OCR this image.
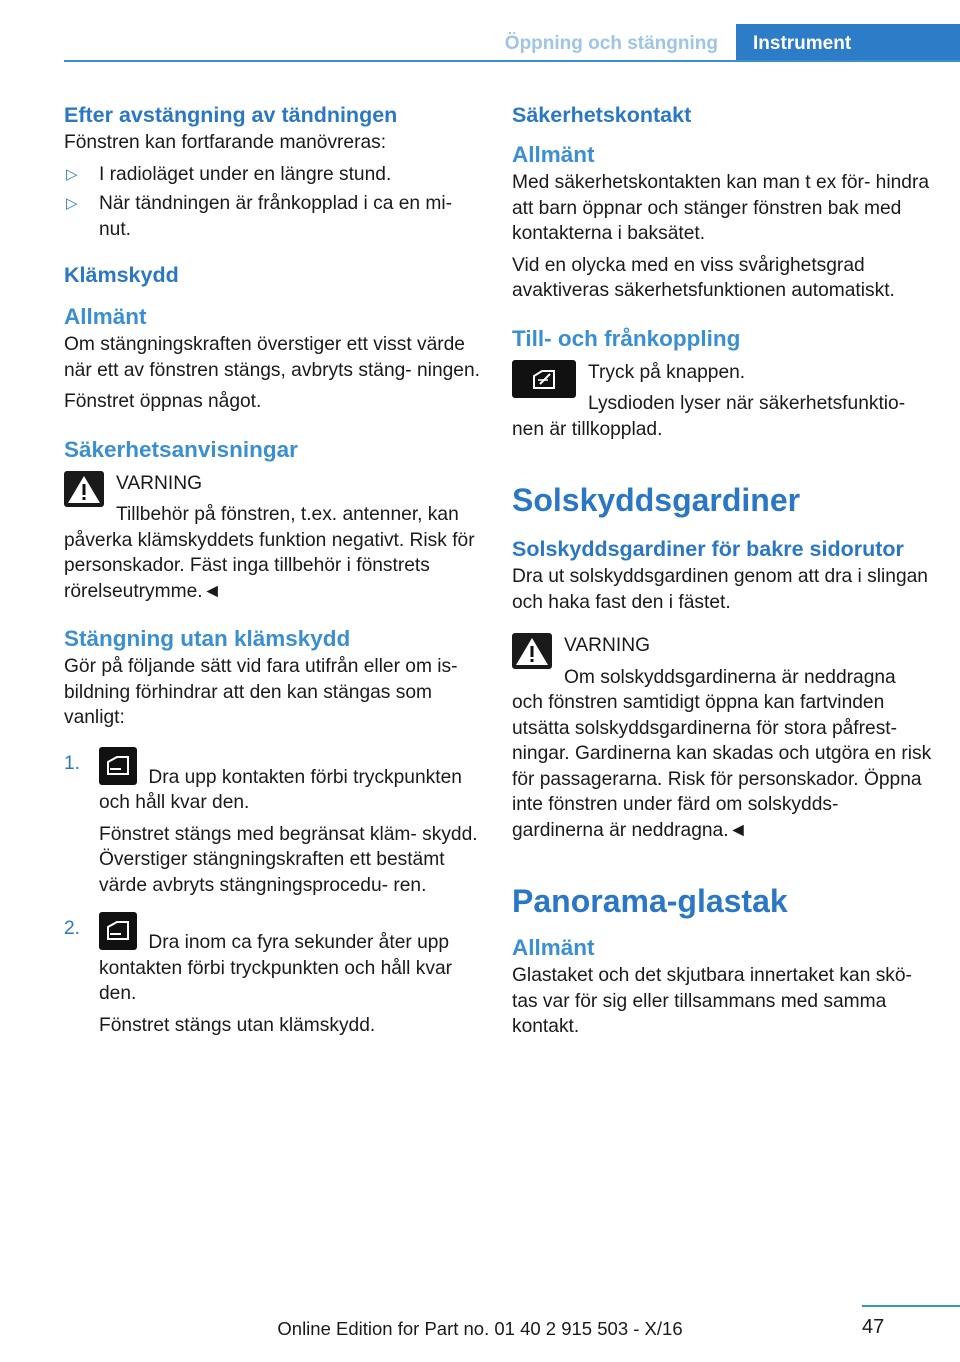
Öppning och stängning	Instrument
Efter avstängning av tändningen

Fönstren kan fortfarande manövreras:

▷ I radioläget under en längre stund.
▷ När tändningen är frånkopplad i ca en mi‐ nut.
Klämskydd
Allmänt

Om stängningskraften överstiger ett visst värde när ett av fönstren stängs, avbryts stäng‐ ningen.

Fönstret öppnas något.

Säkerhetsanvisningar

VARNING

Tillbehör på fönstren, t.ex. antenner, kan

påverka klämskyddets funktion negativt. Risk för personskador. Fäst inga tillbehör i fönstrets rörelseutrymme.◄

Stängning utan klämskydd

Gör på följande sätt vid fara utifrån eller om is‐ bildning förhindrar att den kan stängas som vanligt:

1.
Dra upp kontakten förbi tryckpunkten och håll kvar den.

Fönstret stängs med begränsat kläm‐ skydd. Överstiger stängningskraften ett bestämt värde avbryts stängningsprocedu‐ ren.

2.
Dra inom ca fyra sekunder åter upp kontakten förbi tryckpunkten och håll kvar den.

Fönstret stängs utan klämskydd.

Säkerhetskontakt
Allmänt

Med säkerhetskontakten kan man t ex för‐ hindra att barn öppnar och stänger fönstren bak med kontakterna i baksätet.

Vid en olycka med en viss svårighetsgrad avaktiveras säkerhetsfunktionen automatiskt.

Till- och frånkoppling

Tryck på knappen.

Lysdioden lyser när säkerhetsfunktio‐

nen är tillkopplad.

Solskyddsgardiner
Solskyddsgardiner för bakre sidorutor

Dra ut solskyddsgardinen genom att dra i slingan och haka fast den i fästet.

VARNING

Om solskyddsgardinerna är neddragna

och fönstren samtidigt öppna kan fartvinden utsätta solskyddsgardinerna för stora påfrest‐ ningar. Gardinerna kan skadas och utgöra en risk för passagerarna. Risk för personskador. Öppna inte fönstren under färd om solskydds‐ gardinerna är neddragna.◄

Panorama-glastak
Allmänt

Glastaket och det skjutbara innertaket kan skö‐ tas var för sig eller tillsammans med samma kontakt.

47
Online Edition for Part no. 01 40 2 915 503 - X/16
